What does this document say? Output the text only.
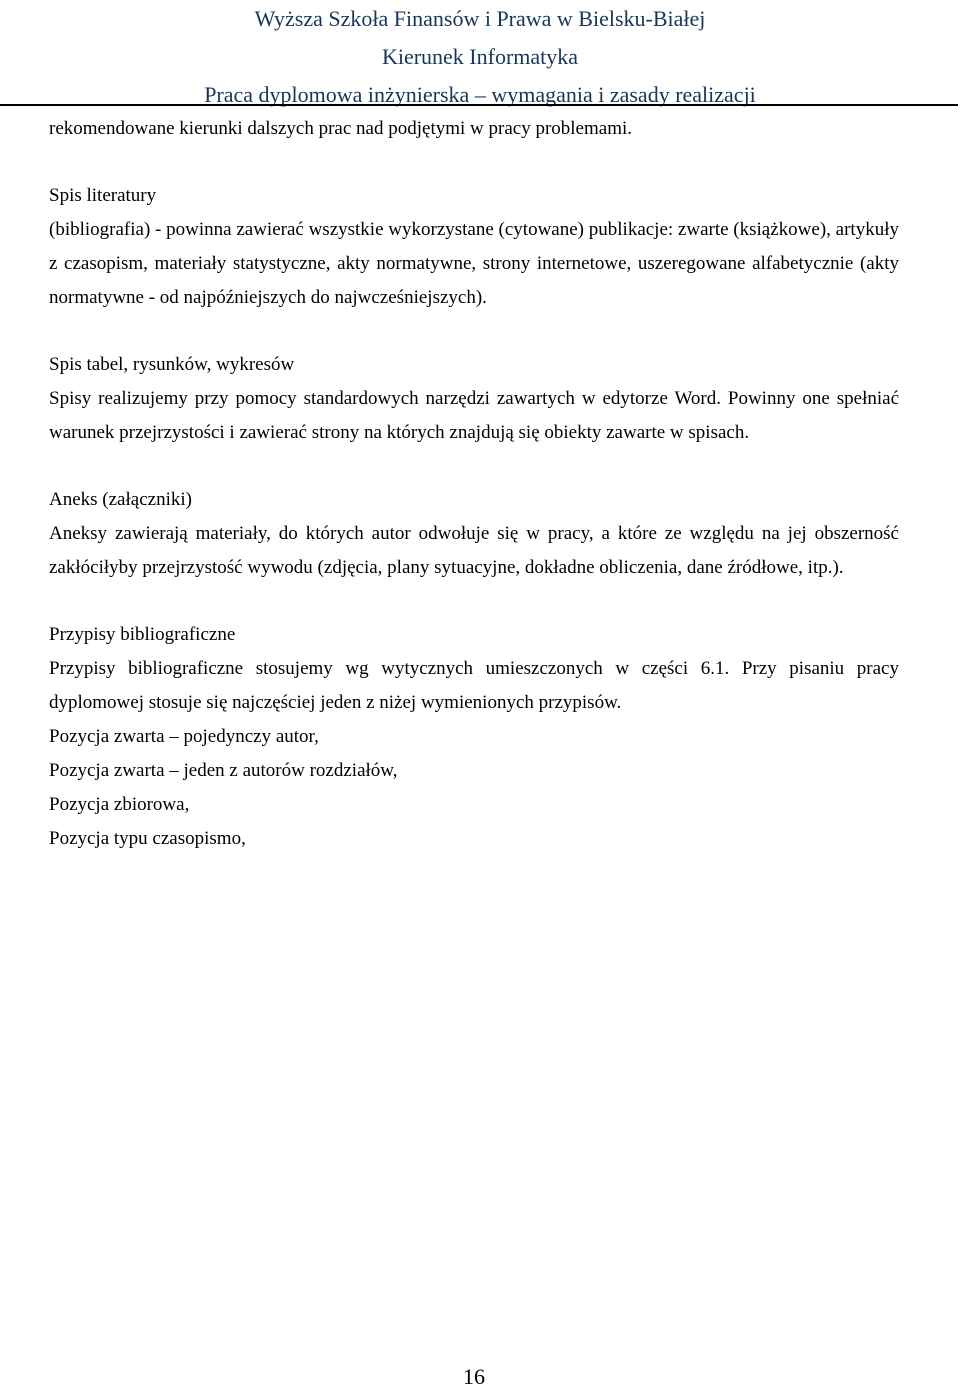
Wyższa Szkoła Finansów i Prawa w Bielsku-Białej
Kierunek Informatyka
Praca dyplomowa inżynierska – wymagania i zasady realizacji

rekomendowane kierunki dalszych prac nad podjętymi w pracy problemami.

Spis literatury

(bibliografia) - powinna zawierać wszystkie wykorzystane (cytowane) publikacje: zwarte (książkowe), artykuły z czasopism, materiały statystyczne, akty normatywne, strony internetowe, uszeregowane alfabetycznie (akty normatywne - od najpóźniejszych do najwcześniejszych).

Spis tabel, rysunków, wykresów

Spisy realizujemy przy pomocy standardowych narzędzi zawartych w edytorze Word. Powinny one spełniać warunek przejrzystości i zawierać strony na których znajdują się obiekty zawarte w spisach.

Aneks (załączniki)

Aneksy zawierają materiały, do których autor odwołuje się w pracy, a które ze względu na jej obszerność zakłóciłyby przejrzystość wywodu (zdjęcia, plany sytuacyjne, dokładne obliczenia, dane źródłowe, itp.).

Przypisy bibliograficzne

Przypisy bibliograficzne stosujemy wg wytycznych umieszczonych w części 6.1. Przy pisaniu pracy dyplomowej stosuje się najczęściej jeden z niżej wymienionych przypisów.

Pozycja zwarta – pojedynczy autor,

Pozycja zwarta – jeden z autorów rozdziałów,

Pozycja zbiorowa,

Pozycja typu czasopismo,

16
